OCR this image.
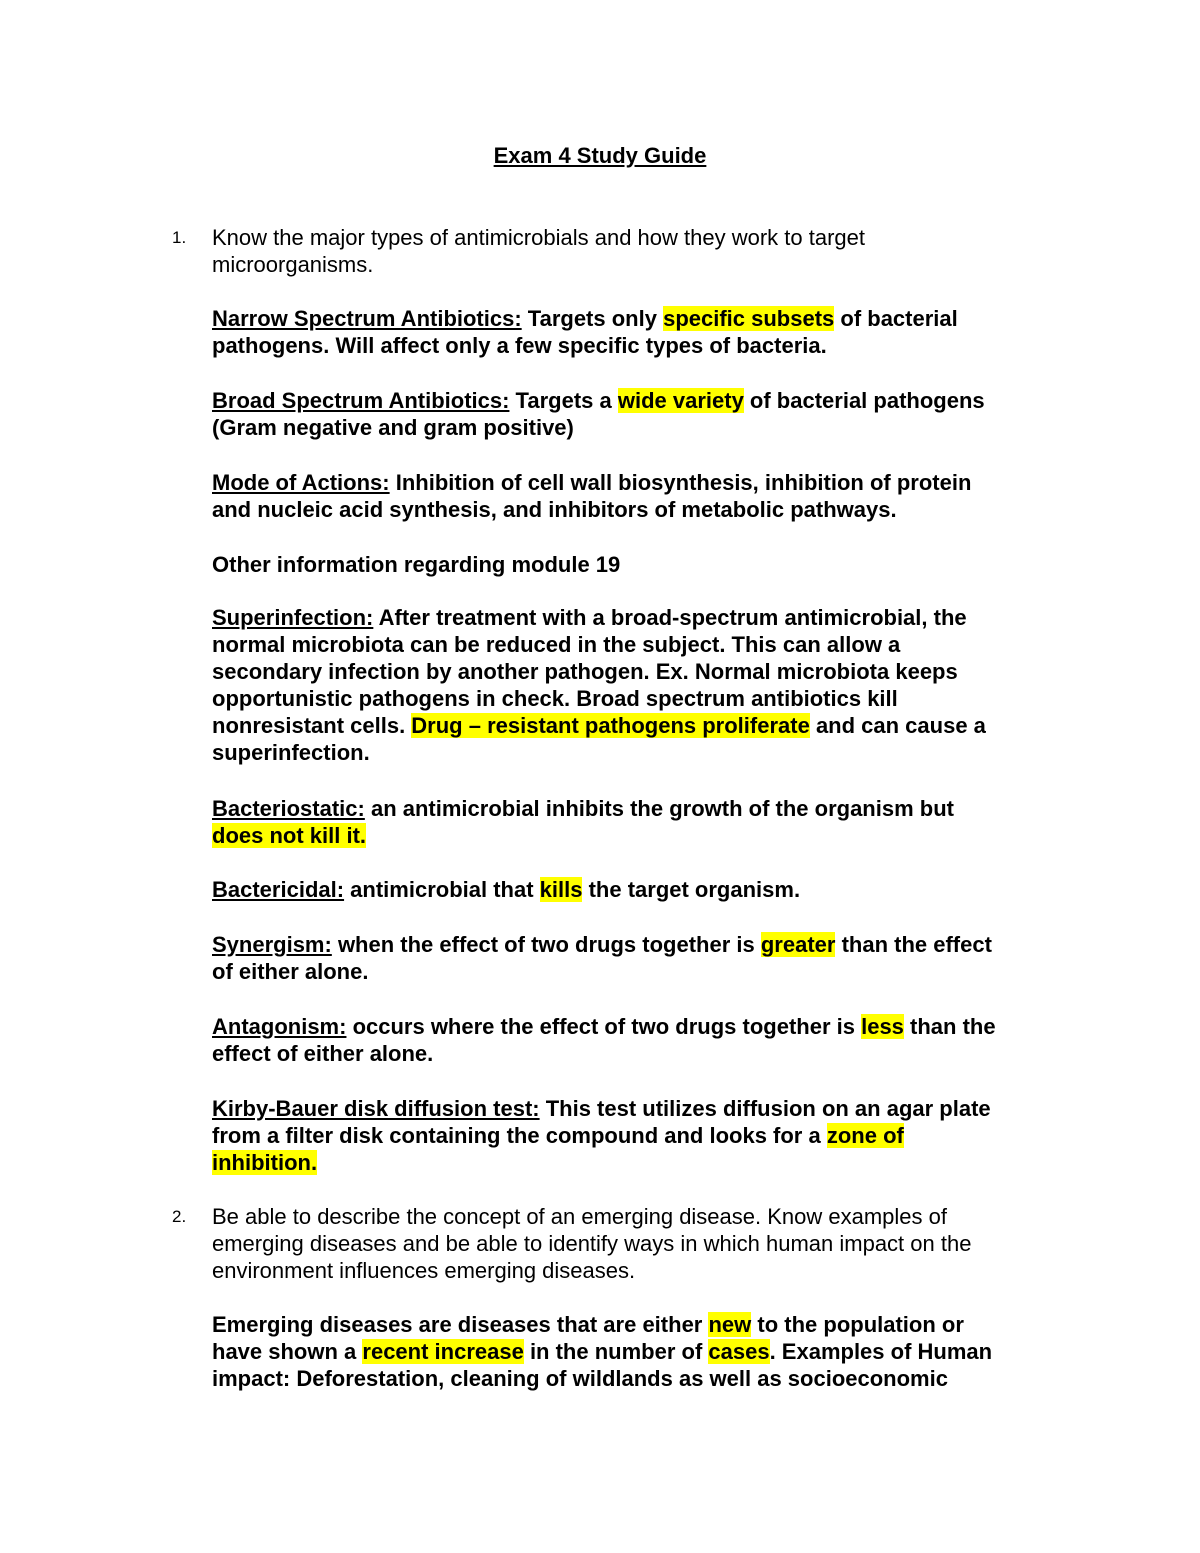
Exam 4 Study Guide
1. Know the major types of antimicrobials and how they work to target
microorganisms.
Narrow Spectrum Antibiotics: Targets only specific subsets of bacterial
pathogens. Will affect only a few specific types of bacteria.
Broad Spectrum Antibiotics: Targets a wide variety of bacterial pathogens
(Gram negative and gram positive)
Mode of Actions: Inhibition of cell wall biosynthesis, inhibition of protein
and nucleic acid synthesis, and inhibitors of metabolic pathways.
Other information regarding module 19
Superinfection: After treatment with a broad-spectrum antimicrobial, the
normal microbiota can be reduced in the subject. This can allow a
secondary infection by another pathogen. Ex. Normal microbiota keeps
opportunistic pathogens in check. Broad spectrum antibiotics kill
nonresistant cells. Drug – resistant pathogens proliferate and can cause a
superinfection.
Bacteriostatic: an antimicrobial inhibits the growth of the organism but
does not kill it.
Bactericidal: antimicrobial that kills the target organism.
Synergism: when the effect of two drugs together is greater than the effect
of either alone.
Antagonism: occurs where the effect of two drugs together is less than the
effect of either alone.
Kirby-Bauer disk diffusion test: This test utilizes diffusion on an agar plate
from a filter disk containing the compound and looks for a zone of
inhibition.
2. Be able to describe the concept of an emerging disease. Know examples of
emerging diseases and be able to identify ways in which human impact on the
environment influences emerging diseases.
Emerging diseases are diseases that are either new to the population or
have shown a recent increase in the number of cases. Examples of Human
impact: Deforestation, cleaning of wildlands as well as socioeconomic
